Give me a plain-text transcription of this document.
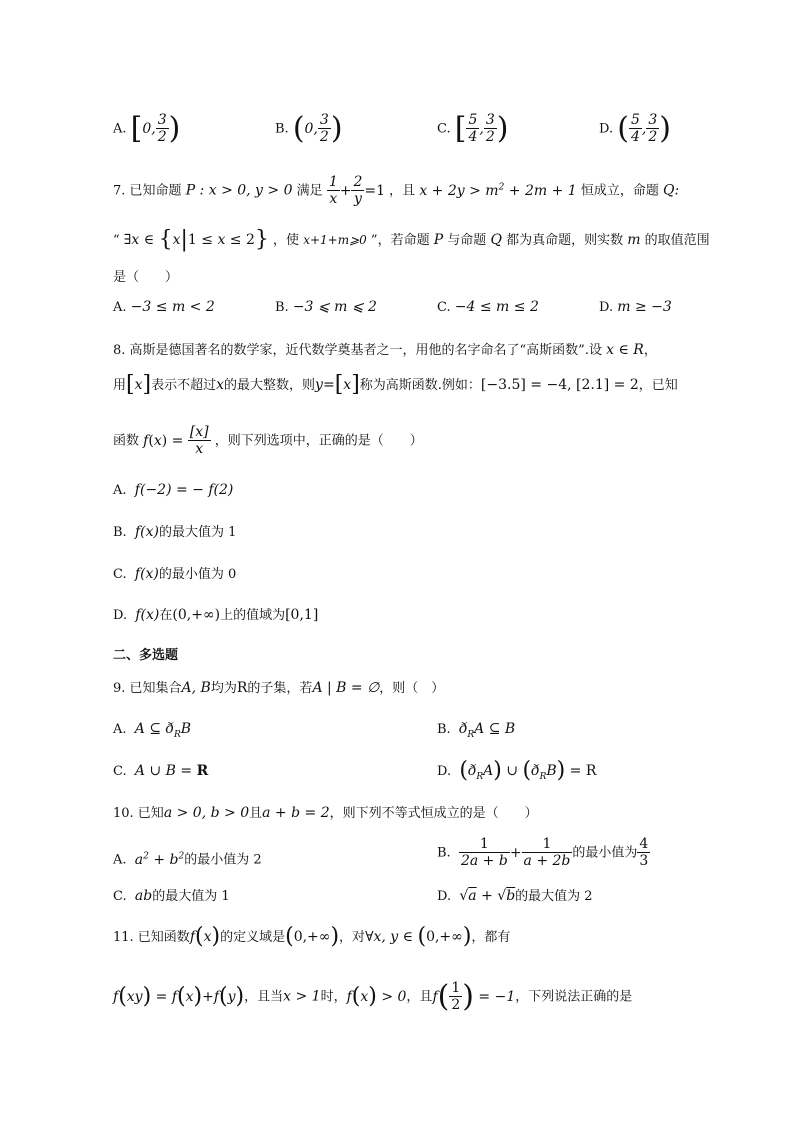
A. [0, $\frac{3}{2}$ )	B. (0, $\frac{3}{2}$ )	C. [ $\frac{5}{4}$ , $\frac{3}{2}$ )	D. ( $\frac{5}{4}$ , $\frac{3}{2}$ )
7. 已知命题 P : x > 0, y > 0 满足 $\frac{1}{x} + \frac{2}{y} =1$ ，且 $x + 2y > m^2 + 2m + 1$ 恒成立，命题 Q:
“ ∃x ∈ {x|1 ≤ x ≤ 2} ，使 x+1+m⩾0 ”，若命题 P 与命题 Q 都为真命题，则实数 m 的取值范围
是（　　）
A. −3 ≤ m < 2	B. −3 ⩽ m ⩽ 2	C. −4 ≤ m ≤ 2	D. m ≥ −3
8. 高斯是德国著名的数学家，近代数学奠基者之一，用他的名字命名了“高斯函数”.设 x ∈ R，
用[x]表示不超过x的最大整数，则y=[x]称为高斯函数.例如：[−3.5] = −4, [2.1] = 2，已知
函数 $f(x) = \frac{[x]}{x}$ ，则下列选项中，正确的是（　　）
A. f(−2) = − f(2)
B. f(x)的最大值为 1
C. f(x)的最小值为 0
D. f(x)在(0,+∞)上的值域为[0,1]
二、多选题
9. 已知集合A, B均为R的子集，若A | B = ∅，则（　）
A. A ⊆ $ð_RB$	B. $ð_RA$ ⊆ B
C. A ∪ B = R	D. $(ð_RA)$ ∪ $(ð_RB) = R$
10. 已知a > 0, b > 0且a + b = 2，则下列不等式恒成立的是（　　）
A. $a^2 + b^2$的最小值为 2	B. $\frac{1}{2a + b} + \frac{1}{a + 2b}$ 的最小值为 $\frac{4}{3}$
C. ab的最大值为 1	D. √a + √b的最大值为 2
11. 已知函数f(x)的定义域是(0,+∞)，对∀x, y ∈ (0,+∞)，都有
f(xy) = f(x)+f(y)，且当x > 1时，f(x) > 0，且$f( \frac{1}{2}$ ) = −1，下列说法正确的是
